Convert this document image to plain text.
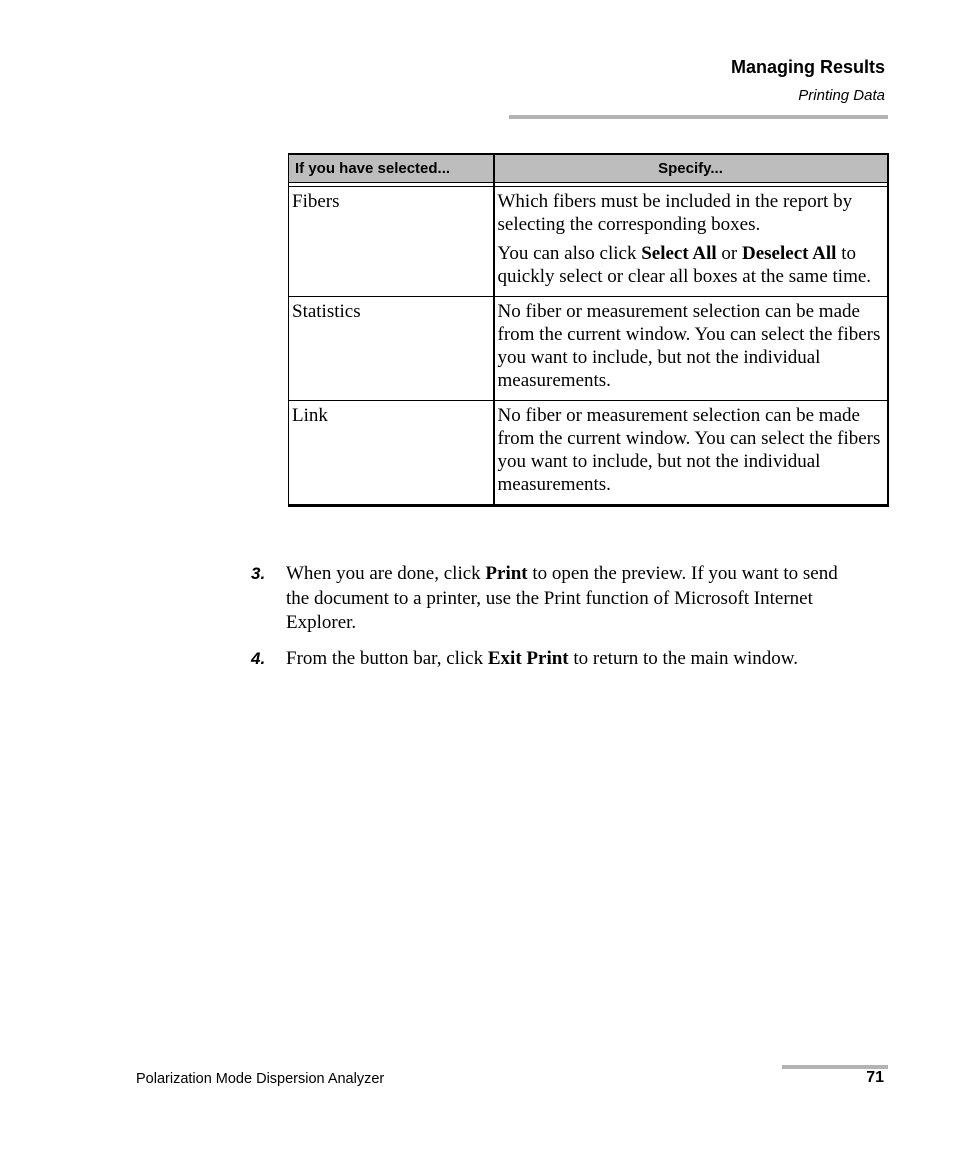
Managing Results
Printing Data
If you have selected...	Specify...

Fibers	Which fibers must be included in the report by selecting the corresponding boxes.

You can also click Select All or Deselect All to quickly select or clear all boxes at the same time.

Statistics	No fiber or measurement selection can be made from the current window. You can select the fibers you want to include, but not the individual measurements.

Link	No fiber or measurement selection can be made from the current window. You can select the fibers you want to include, but not the individual measurements.

3. When you are done, click Print to open the preview. If you want to send the document to a printer, use the Print function of Microsoft Internet Explorer.
4. From the button bar, click Exit Print to return to the main window.
Polarization Mode Dispersion Analyzer	71
